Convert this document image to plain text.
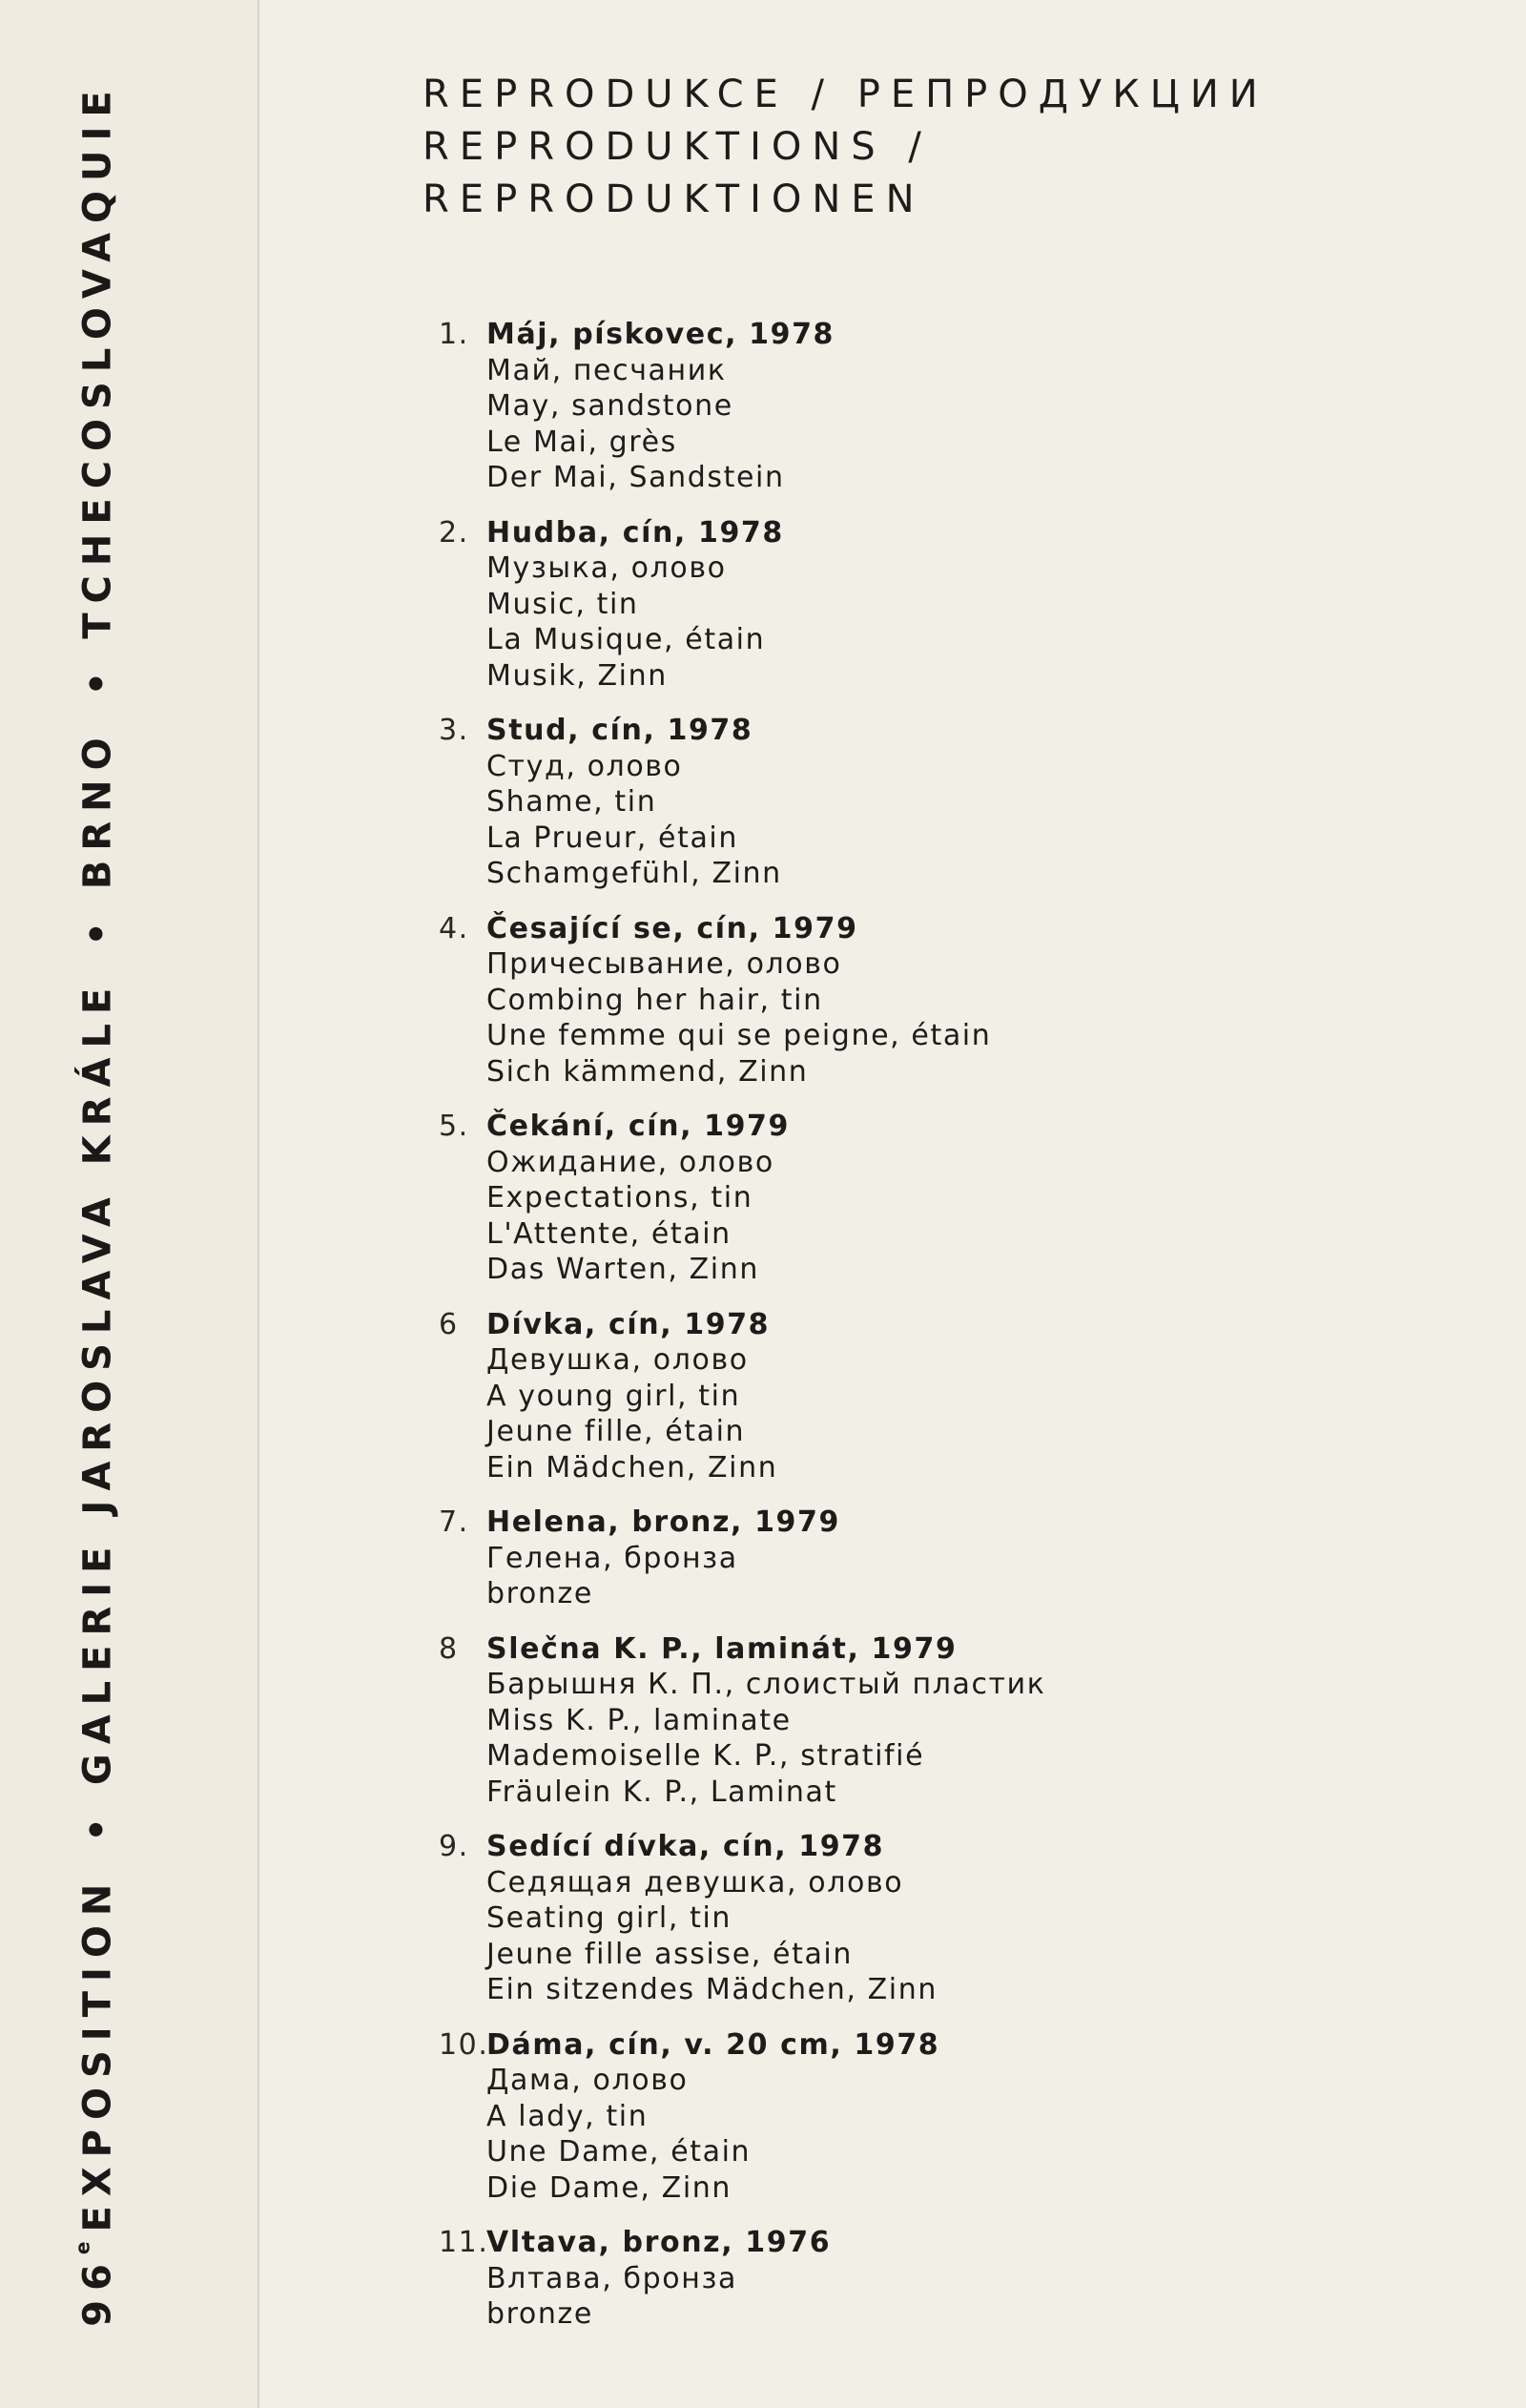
96eEXPOSITION•GALERIE JAROSLAVA KRÁLE•BRNO•TCHECOSLOVAQUIE	REPRODUKCE / РЕПРОДУКЦИИ
REPRODUKTIONS /
REPRODUKTIONEN
1. Máj, pískovec, 1978
Май, песчаник
May, sandstone
Le Mai, grès
Der Mai, Sandstein
2. Hudba, cín, 1978
Музыка, олово
Music, tin
La Musique, étain
Musik, Zinn
3. Stud, cín, 1978
Студ, олово
Shame, tin
La Prueur, étain
Schamgefühl, Zinn
4. Česající se, cín, 1979
Причесывание, олово
Combing her hair, tin
Une femme qui se peigne, étain
Sich kämmend, Zinn
5. Čekání, cín, 1979
Ожидание, олово
Expectations, tin
L'Attente, étain
Das Warten, Zinn
6 Dívka, cín, 1978
Девушка, олово
A young girl, tin
Jeune fille, étain
Ein Mädchen, Zinn
7. Helena, bronz, 1979
Гелена, бронза
bronze
8 Slečna K. P., laminát, 1979
Барышня К. П., слоистый пластик
Miss K. P., laminate
Mademoiselle K. P., stratifié
Fräulein K. P., Laminat
9. Sedící dívka, cín, 1978
Седящая девушка, олово
Seating girl, tin
Jeune fille assise, étain
Ein sitzendes Mädchen, Zinn
10.
Dáma, cín, v. 20 cm, 1978
Дама, олово
A lady, tin
Une Dame, étain
Die Dame, Zinn
11.
Vltava, bronz, 1976
Влтава, бронза
bronze
